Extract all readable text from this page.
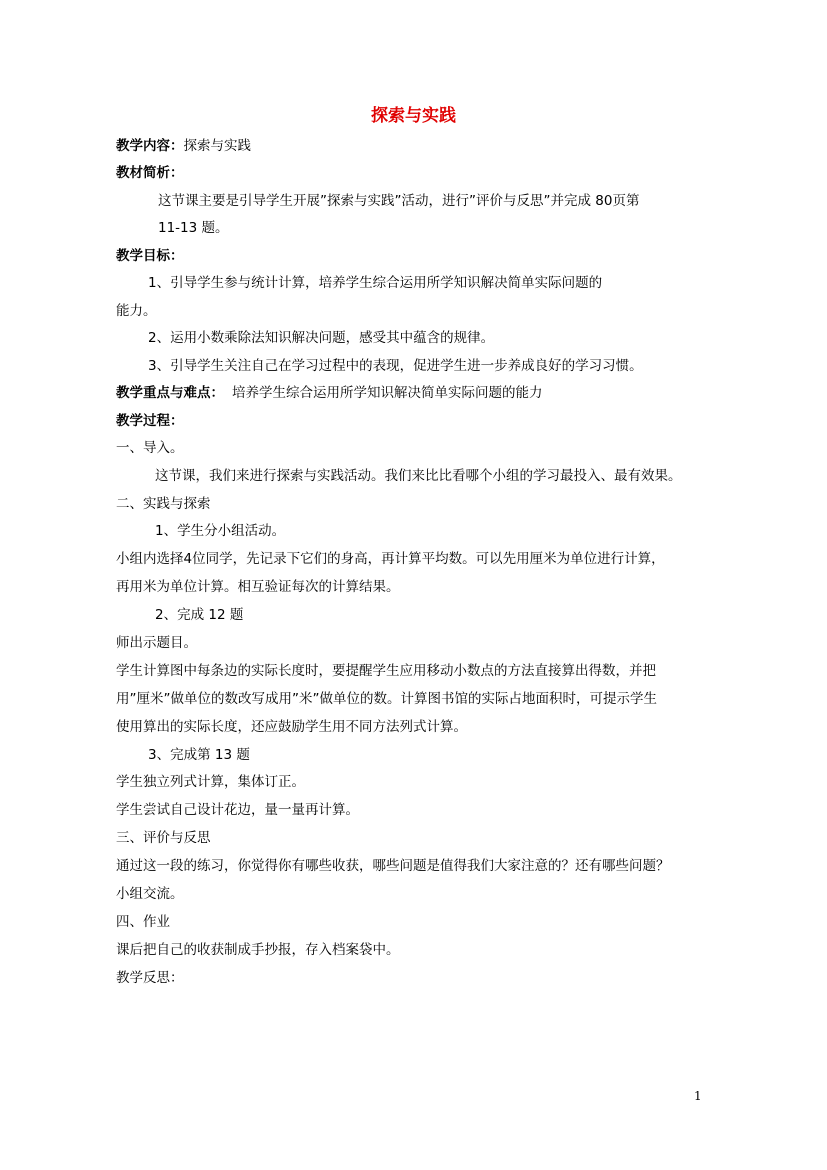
探索与实践
教学内容：探索与实践
教材简析：
这节课主要是引导学生开展”探索与实践”活动，进行”评价与反思”并完成 80页第
11-13 题。
教学目标：
1、引导学生参与统计计算，培养学生综合运用所学知识解决简单实际问题的
能力。
2、运用小数乘除法知识解决问题，感受其中蕴含的规律。
3、引导学生关注自己在学习过程中的表现，促进学生进一步养成良好的学习习惯。
教学重点与难点： 培养学生综合运用所学知识解决简单实际问题的能力
教学过程：
一、导入。
这节课，我们来进行探索与实践活动。我们来比比看哪个小组的学习最投入、最有效果。
二、实践与探索
1、学生分小组活动。
小组内选择4位同学，先记录下它们的身高，再计算平均数。可以先用厘米为单位进行计算，
再用米为单位计算。相互验证每次的计算结果。
2、完成 12 题
师出示题目。
学生计算图中每条边的实际长度时，要提醒学生应用移动小数点的方法直接算出得数，并把
用”厘米”做单位的数改写成用”米”做单位的数。计算图书馆的实际占地面积时，可提示学生
使用算出的实际长度，还应鼓励学生用不同方法列式计算。
3、完成第 13 题
学生独立列式计算，集体订正。
学生尝试自己设计花边，量一量再计算。
三、评价与反思
通过这一段的练习，你觉得你有哪些收获，哪些问题是值得我们大家注意的？还有哪些问题？
小组交流。
四、作业
课后把自己的收获制成手抄报，存入档案袋中。
教学反思：
1
